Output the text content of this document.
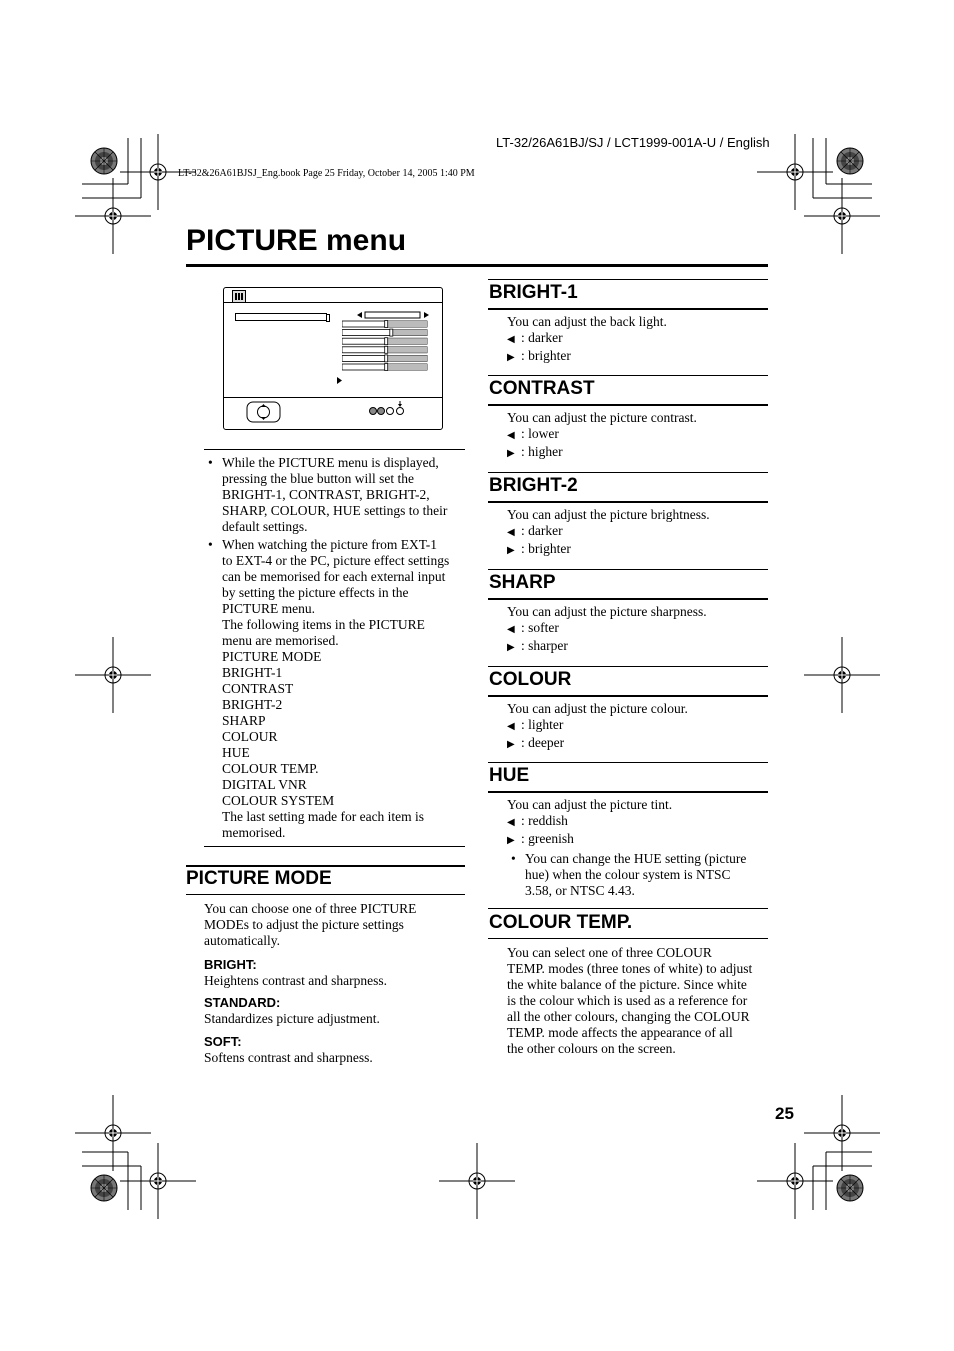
LT-32/26A61BJ/SJ / LCT1999-001A-U / English
LT-32&26A61BJSJ_Eng.book Page 25 Friday, October 14, 2005 1:40 PM
PICTURE menu
• While the PICTURE menu is displayed,
pressing the blue button will set the
BRIGHT-1, CONTRAST, BRIGHT-2,
SHARP, COLOUR, HUE settings to their
default settings.
• When watching the picture from EXT-1
to EXT-4 or the PC, picture effect settings
can be memorised for each external input
by setting the picture effects in the
PICTURE menu.
The following items in the PICTURE
menu are memorised.
PICTURE MODE
BRIGHT-1
CONTRAST
BRIGHT-2
SHARP
COLOUR
HUE
COLOUR TEMP.
DIGITAL VNR
COLOUR SYSTEM
The last setting made for each item is
memorised.
PICTURE MODE
You can choose one of three PICTURE
MODEs to adjust the picture settings
automatically.
BRIGHT:
Heightens contrast and sharpness.
STANDARD:
Standardizes picture adjustment.
SOFT:
Softens contrast and sharpness.
BRIGHT-1
You can adjust the back light.
◀ : darker
▶ : brighter
CONTRAST
You can adjust the picture contrast.
◀ : lower
▶ : higher
BRIGHT-2
You can adjust the picture brightness.
◀ : darker
▶ : brighter
SHARP
You can adjust the picture sharpness.
◀ : softer
▶ : sharper
COLOUR
You can adjust the picture colour.
◀ : lighter
▶ : deeper
HUE
You can adjust the picture tint.
◀ : reddish
▶ : greenish
• You can change the HUE setting (picture
hue) when the colour system is NTSC
3.58, or NTSC 4.43.
COLOUR TEMP.
You can select one of three COLOUR
TEMP. modes (three tones of white) to adjust
the white balance of the picture. Since white
is the colour which is used as a reference for
all the other colours, changing the COLOUR
TEMP. mode affects the appearance of all
the other colours on the screen.
25
